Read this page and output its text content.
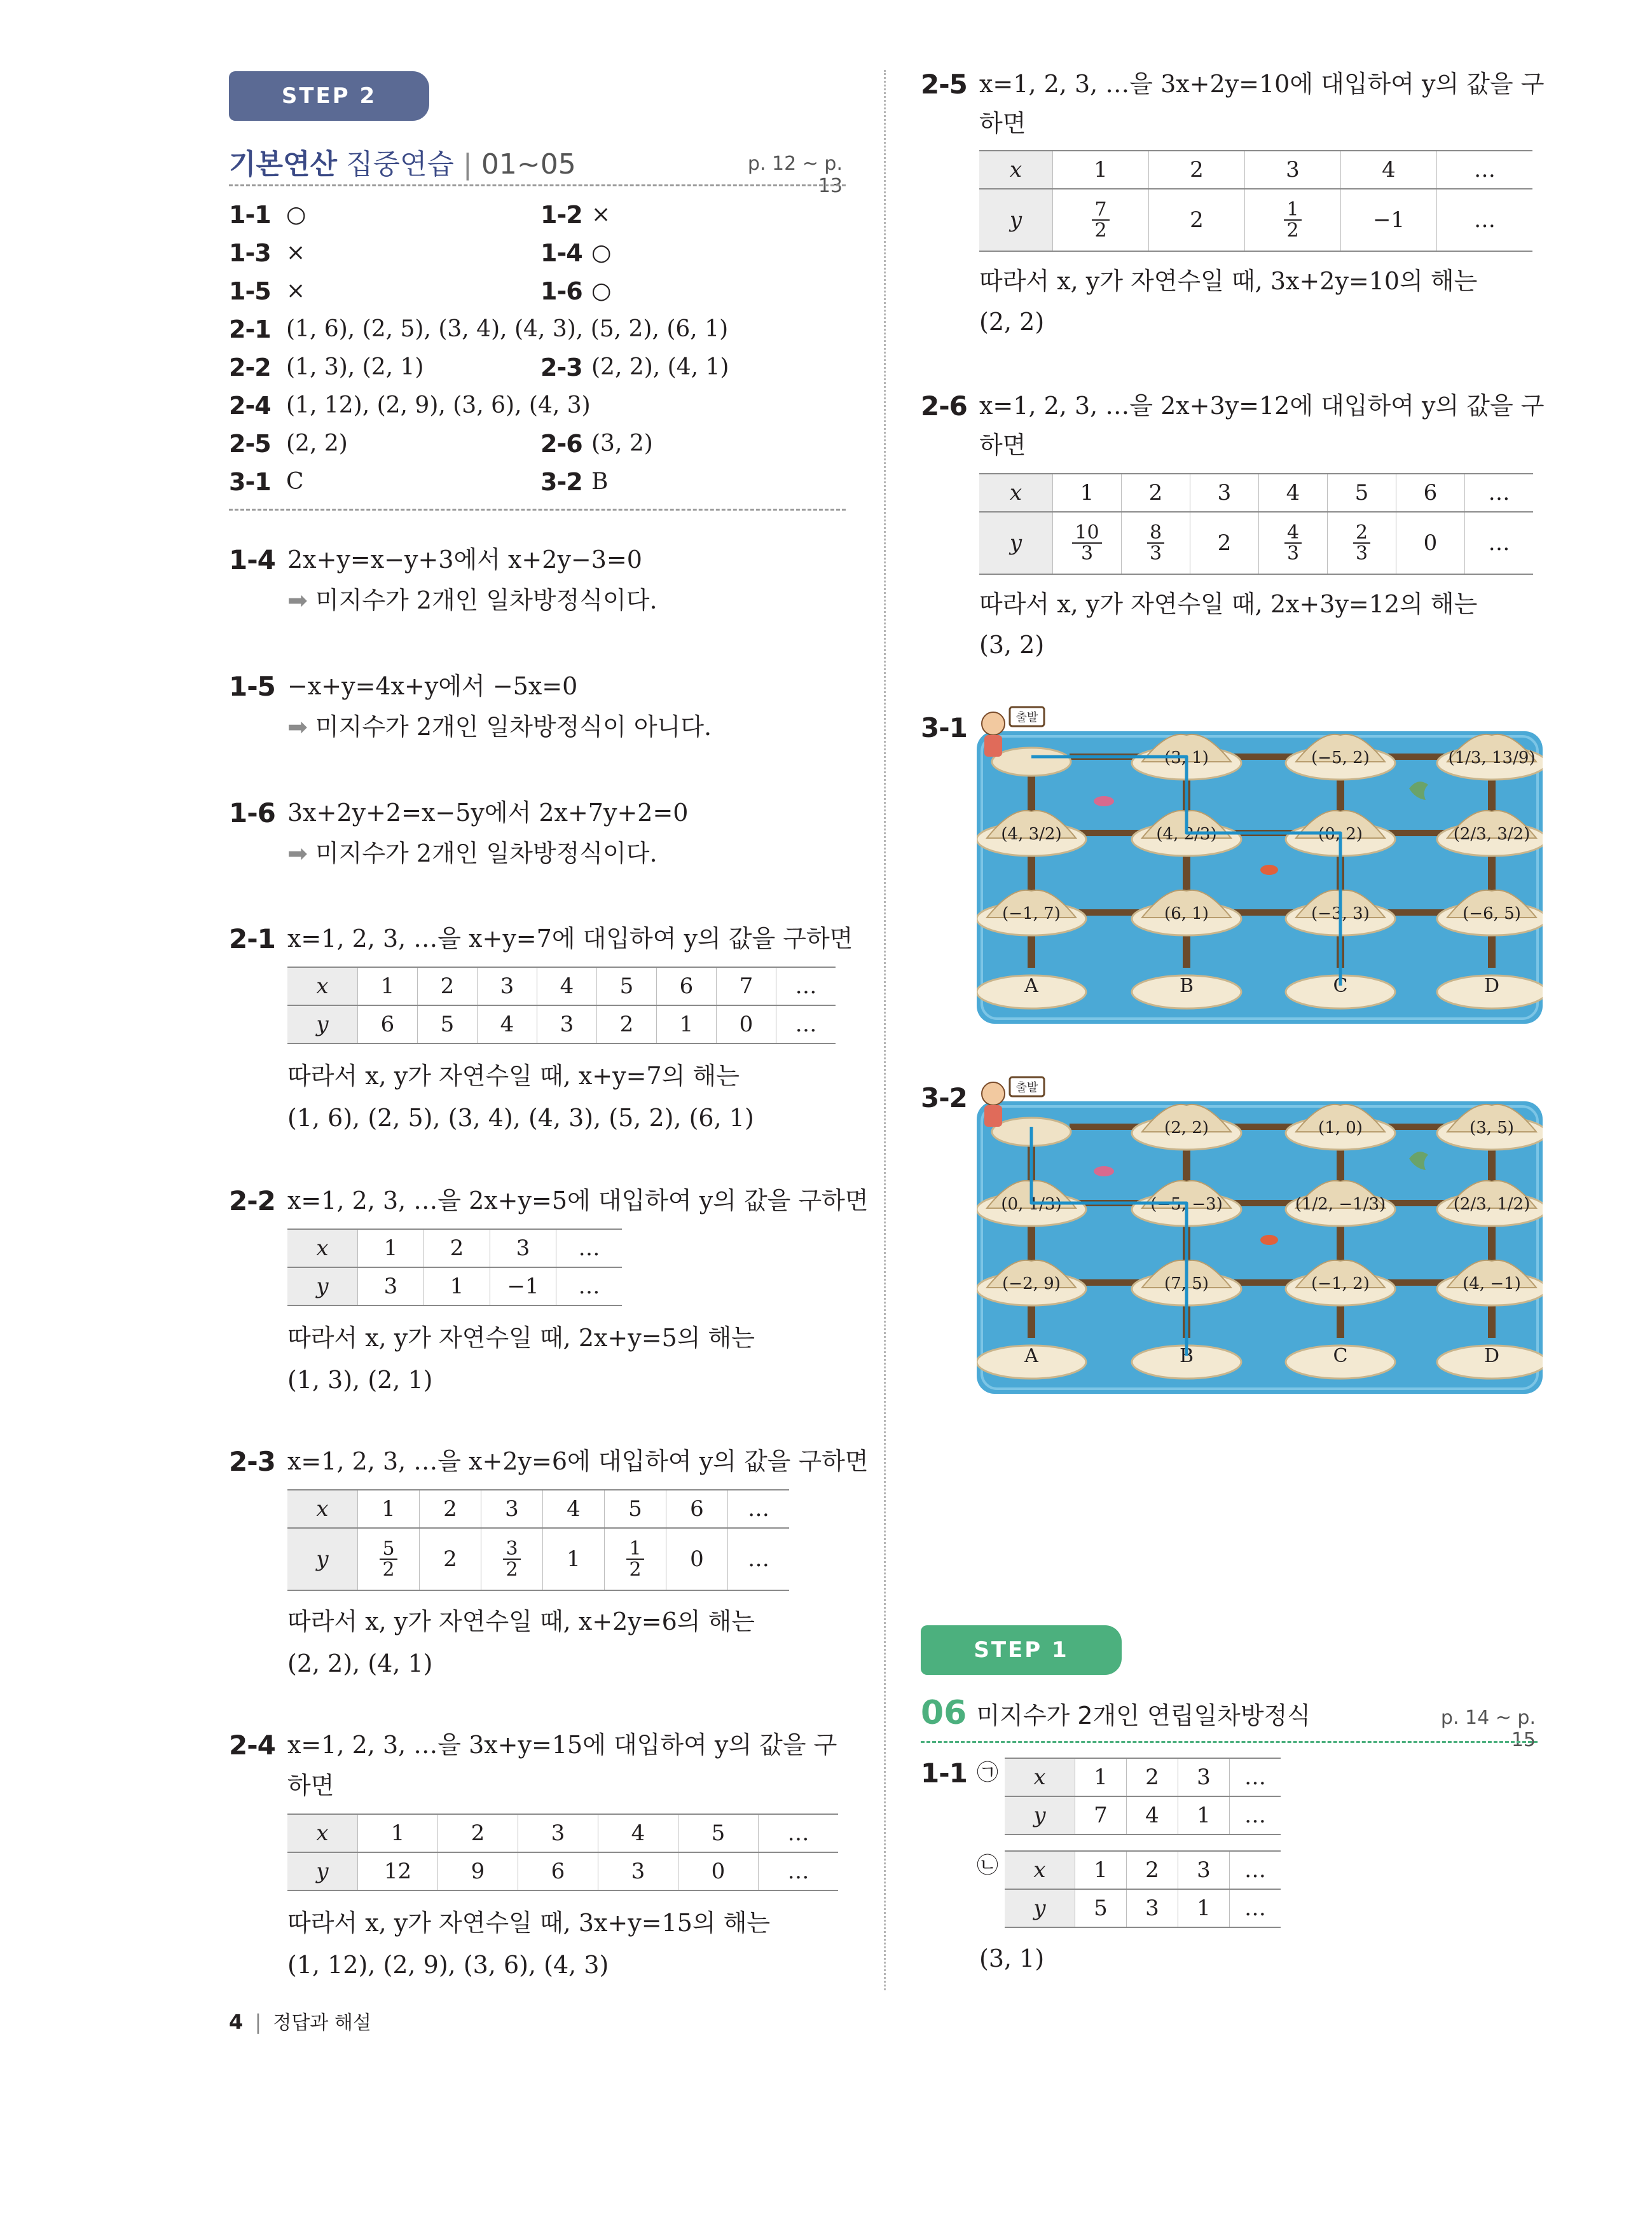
STEP 2
기본연산 집중연습 | 01~05	p. 12 ~ p. 13
1-1 ○	1-2 ×
1-3 ×	1-4 ○
1-5 ×	1-6 ○
2-1 (1, 6), (2, 5), (3, 4), (4, 3), (5, 2), (6, 1)
2-2 (1, 3), (2, 1)	2-3 (2, 2), (4, 1)
2-4 (1, 12), (2, 9), (3, 6), (4, 3)
2-5 (2, 2)	2-6 (3, 2)
3-1 C	3-2 B
1-4 2x+y=x−y+3에서 x+2y−3=0
➡ 미지수가 2개인 일차방정식이다.
1-5 −x+y=4x+y에서 −5x=0
➡ 미지수가 2개인 일차방정식이 아니다.
1-6 3x+2y+2=x−5y에서 2x+7y+2=0
➡ 미지수가 2개인 일차방정식이다.
2-1 x=1, 2, 3, …을 x+y=7에 대입하여 y의 값을 구하면
x	1	2	3	4	5	6	7	…
y	6	5	4	3	2	1	0	…
따라서 x, y가 자연수일 때, x+y=7의 해는
(1, 6), (2, 5), (3, 4), (4, 3), (5, 2), (6, 1)
2-2 x=1, 2, 3, …을 2x+y=5에 대입하여 y의 값을 구하면
x	1	2	3	…
y	3	1	−1	…
따라서 x, y가 자연수일 때, 2x+y=5의 해는
(1, 3), (2, 1)
2-3 x=1, 2, 3, …을 x+2y=6에 대입하여 y의 값을 구하면
x	1	2	3	4	5	6	…
y	$\frac{5}{2}$	2	$\frac{3}{2}$	1	$\frac{1}{2}$	0	…
따라서 x, y가 자연수일 때, x+2y=6의 해는
(2, 2), (4, 1)
2-4 x=1, 2, 3, …을 3x+y=15에 대입하여 y의 값을 구
하면
x	1	2	3	4	5	…
y	12	9	6	3	0	…
따라서 x, y가 자연수일 때, 3x+y=15의 해는
(1, 12), (2, 9), (3, 6), (4, 3)
4 | 정답과 해설
2-5 x=1, 2, 3, …을 3x+2y=10에 대입하여 y의 값을 구
하면
x	1	2	3	4	…
y	$\frac{7}{2}$	2	$\frac{1}{2}$	−1	…
따라서 x, y가 자연수일 때, 3x+2y=10의 해는
(2, 2)
2-6 x=1, 2, 3, …을 2x+3y=12에 대입하여 y의 값을 구
하면
x	1	2	3	4	5	6	…
y	$\frac{10}{3}$	$\frac{8}{3}$	2	$\frac{4}{3}$	$\frac{2}{3}$	0	…
따라서 x, y가 자연수일 때, 2x+3y=12의 해는
(3, 2)
3-1
(3, 1)	(−5, 2)	(1/3, 13/9)
(4, 3/2)	(4, 2/3)	(0, 2)	(2/3, 3/2)
(−1, 7)	(6, 1)	(−3, 3)	(−6, 5)
A	B	C	D
출발
3-2
(2, 2)	(1, 0)	(3, 5)
(0, 1/3)	(−5, −3)	(1/2, −1/3)	(2/3, 1/2)
(−2, 9)	(7, 5)	(−1, 2)	(4, −1)
A	B	C	D
출발
STEP 1
06 미지수가 2개인 연립일차방정식	p. 14 ~ p. 15
1-1 ㉠ x	1	2	3	…
y	7	4	1	…
㉡ x	1	2	3	…
y	5	3	1	…
(3, 1)
